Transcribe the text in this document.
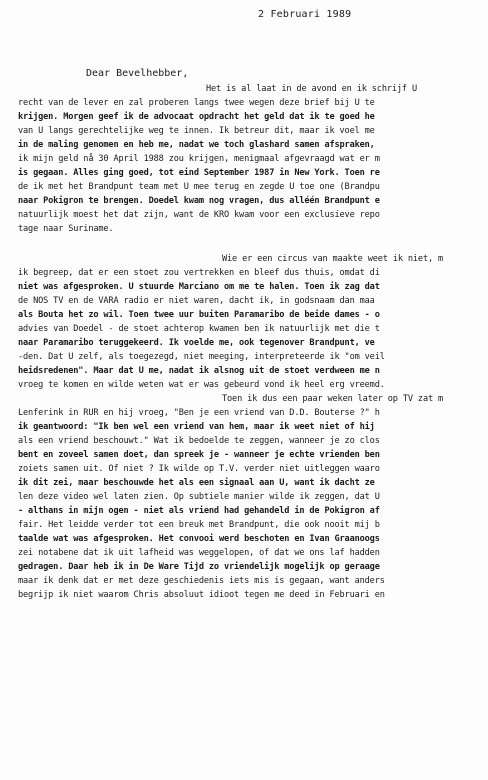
2 Februari 1989
Dear Bevelhebber,
Het is al laat in de avond en ik schrijf U
recht van de lever en zal proberen langs twee wegen deze brief bij U te
krijgen. Morgen geef ik de advocaat opdracht het geld dat ik te goed he
van U langs gerechtelijke weg te innen. Ik betreur dit, maar ik voel me
in de maling genomen en heb me, nadat we toch glashard samen afspraken,
ik mijn geld nå 30 April 1988 zou krijgen, menigmaal afgevraagd wat er m
is gegaan. Alles ging goed, tot eind September 1987 in New York. Toen re
de ik met het Brandpunt team met U mee terug en zegde U toe one (Brandpu
naar Pokigron te brengen. Doedel kwam nog vragen, dus alléén Brandpunt e
natuurlijk moest het dat zijn, want de KRO kwam voor een exclusieve repo
tage naar Suriname.
Wie er een circus van maakte weet ik niet, m
ik begreep, dat er een stoet zou vertrekken en bleef dus thuis, omdat di
niet was afgesproken. U stuurde Marciano om me te halen. Toen ik zag dat
de NOS TV en de VARA radio er niet waren, dacht ik, in godsnaam dan maa
als Bouta het zo wil. Toen twee uur buiten Paramaribo de beide dames - o
advies van Doedel - de stoet achterop kwamen ben ik natuurlijk met die t
naar Paramaribo teruggekeerd. Ik voelde me, ook tegenover Brandpunt, ve
-den. Dat U zelf, als toegezegd, niet meeging, interpreteerde ik "om veil
heidsredenen". Maar dat U me, nadat ik alsnog uit de stoet verdween me n
vroeg te komen en wilde weten wat er was gebeurd vond ik heel erg vreemd.
Toen ik dus een paar weken later op TV zat m
Lenferink in RUR en hij vroeg, "Ben je een vriend van D.D. Bouterse ?" h
ik geantwoord: "Ik ben wel een vriend van hem, maar ik weet niet of hij
als een vriend beschouwt." Wat ik bedoelde te zeggen, wanneer je zo clos
bent en zoveel samen doet, dan spreek je - wanneer je echte vrienden ben
zoiets samen uit. Of niet ? Ik wilde op T.V. verder niet uitleggen waaro
ik dit zei, maar beschouwde het als een signaal aan U, want ik dacht ze
len deze video wel laten zien. Op subtiele manier wilde ik zeggen, dat U
- althans in mijn ogen - niet als vriend had gehandeld in de Pokigron af
fair. Het leidde verder tot een breuk met Brandpunt, die ook nooit mij b
taalde wat was afgesproken. Het convooi werd beschoten en Ivan Graanoogs
zei notabene dat ik uit lafheid was weggelopen, of dat we ons laf hadden
gedragen. Daar heb ik in De Ware Tijd zo vriendelijk mogelijk op geraage
maar ik denk dat er met deze geschiedenis iets mis is gegaan, want anders
begrijp ik niet waarom Chris absoluut idioot tegen me deed in Februari en
